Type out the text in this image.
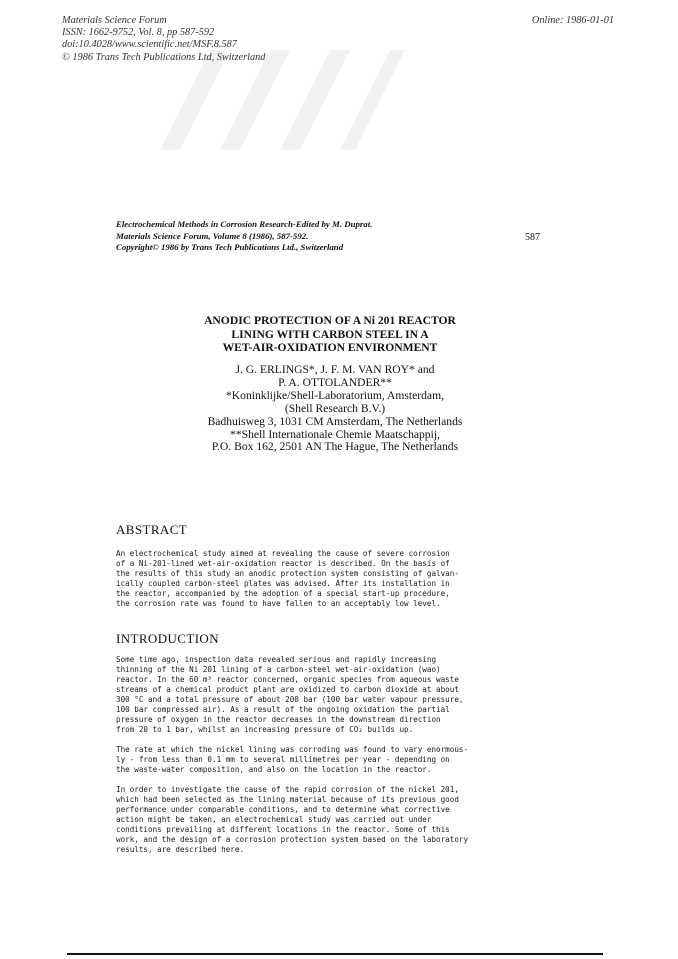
Materials Science Forum
ISSN: 1662-9752, Vol. 8, pp 587-592
doi:10.4028/www.scientific.net/MSF.8.587
© 1986 Trans Tech Publications Ltd, Switzerland
Online: 1986-01-01
Electrochemical Methods in Corrosion Research-Edited by M. Duprat.
Materials Science Forum, Volume 8 (1986), 587-592.
Copyright© 1986 by Trans Tech Publications Ltd., Switzerland
587
ANODIC PROTECTION OF A Ni 201 REACTOR
LINING WITH CARBON STEEL IN A
WET-AIR-OXIDATION ENVIRONMENT
J. G. ERLINGS*, J. F. M. VAN ROY* and
P. A. OTTOLANDER**
*Koninklijke/Shell-Laboratorium, Amsterdam,
(Shell Research B.V.)
Badhuisweg 3, 1031 CM Amsterdam, The Netherlands
**Shell Internationale Chemie Maatschappij,
P.O. Box 162, 2501 AN The Hague, The Netherlands
ABSTRACT
An electrochemical study aimed at revealing the cause of severe corrosion
of a Ni-201-lined wet-air-oxidation reactor is described. On the basis of
the results of this study an anodic protection system consisting of galvan-
ically coupled carbon-steel plates was advised. After its installation in
the reactor, accompanied by the adoption of a special start-up procedure,
the corrosion rate was found to have fallen to an acceptably low level.
INTRODUCTION
Some time ago, inspection data revealed serious and rapidly increasing
thinning of the Ni 201 lining of a carbon-steel wet-air-oxidation (wao)
reactor. In the 60 m³ reactor concerned, organic species from aqueous waste
streams of a chemical product plant are oxidized to carbon dioxide at about
300 °C and a total pressure of about 200 bar (100 bar water vapour pressure,
100 bar compressed air). As a result of the ongoing oxidation the partial
pressure of oxygen in the reactor decreases in the downstream direction
from 20 to 1 bar, whilst an increasing pressure of CO₂ builds up.
The rate at which the nickel lining was corroding was found to vary enormous-
ly - from less than 0.1 mm to several millimetres per year - depending on
the waste-water composition, and also on the location in the reactor.
In order to investigate the cause of the rapid corrosion of the nickel 201,
which had been selected as the lining material because of its previous good
performance under comparable conditions, and to determine what corrective
action might be taken, an electrochemical study was carried out under
conditions prevailing at different locations in the reactor. Some of this
work, and the design of a corrosion protection system based on the laboratory
results, are described here.
